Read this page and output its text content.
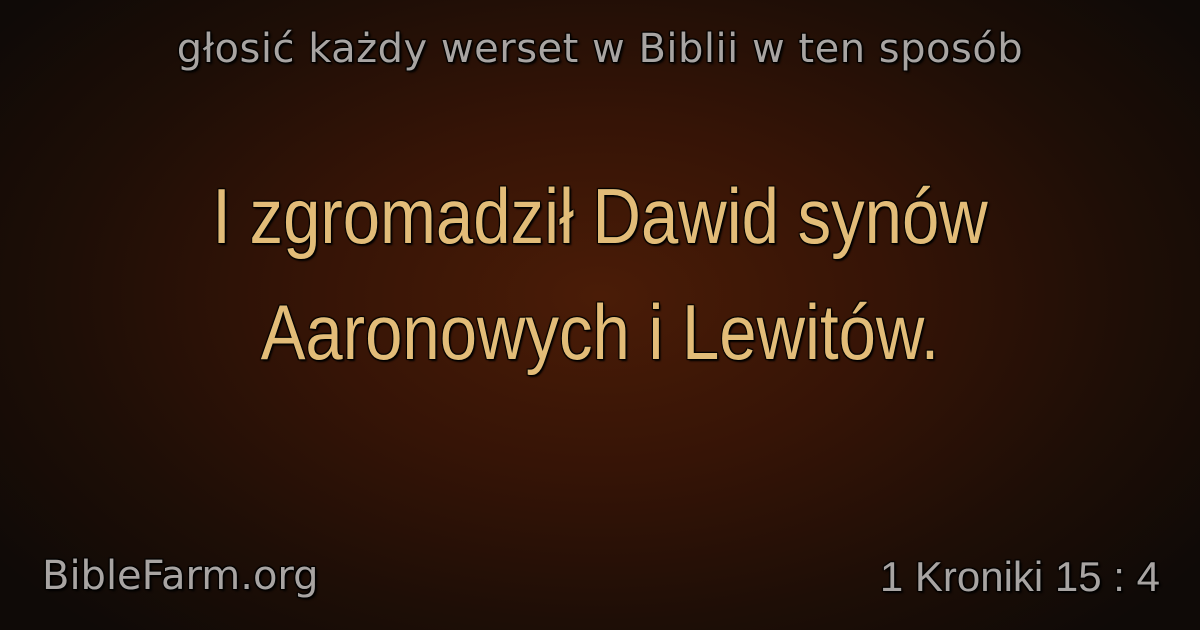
głosić każdy werset w Biblii w ten sposób
I zgromadził Dawid synów
Aaronowych i Lewitów.
BibleFarm.org	1 Kroniki 15 : 4
